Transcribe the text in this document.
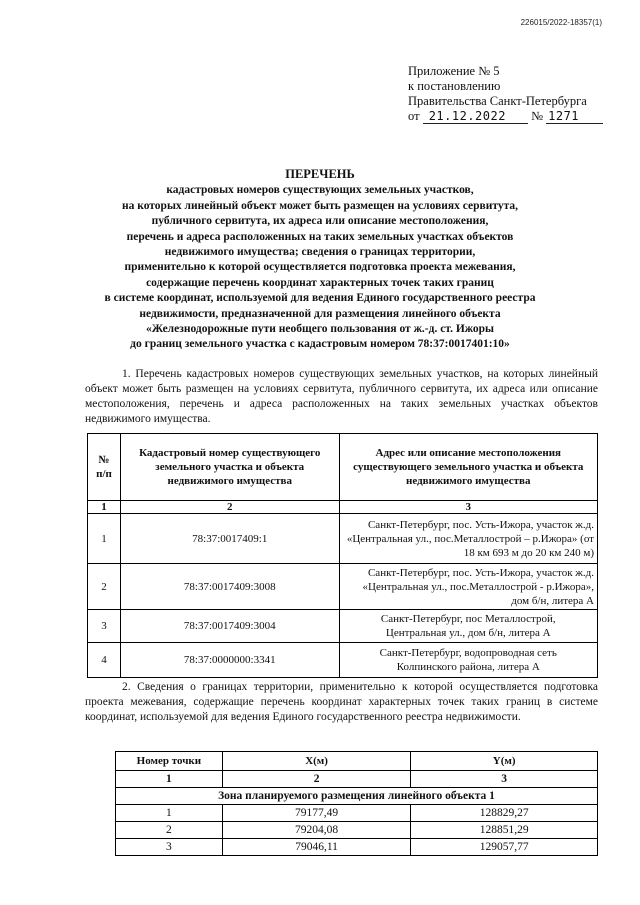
226015/2022-18357(1)
Приложение № 5
к постановлению
Правительства Санкт-Петербурга
от 21.12.2022 № 1271
ПЕРЕЧЕНЬ
кадастровых номеров существующих земельных участков,
на которых линейный объект может быть размещен на условиях сервитута,
публичного сервитута, их адреса или описание местоположения,
перечень и адреса расположенных на таких земельных участках объектов
недвижимого имущества; сведения о границах территории,
применительно к которой осуществляется подготовка проекта межевания,
содержащие перечень координат характерных точек таких границ
в системе координат, используемой для ведения Единого государственного реестра
недвижимости, предназначенной для размещения линейного объекта
«Железнодорожные пути необщего пользования от ж.-д. ст. Ижоры
до границ земельного участка с кадастровым номером 78:37:0017401:10»
1. Перечень кадастровых номеров существующих земельных участков, на которых линейный объект может быть размещен на условиях сервитута, публичного сервитута, их адреса или описание местоположения, перечень и адреса расположенных на таких земельных участках объектов недвижимого имущества.
№ п/п	Кадастровый номер существующего земельного участка и объекта недвижимого имущества	Адрес или описание местоположения существующего земельного участка и объекта недвижимого имущества
1	2	3
1	78:37:0017409:1	Санкт-Петербург, пос. Усть-Ижора, участок ж.д. «Центральная ул., пос.Металлострой – р.Ижора» (от 18 км 693 м до 20 км 240 м)
2	78:37:0017409:3008	Санкт-Петербург, пос. Усть-Ижора, участок ж.д. «Центральная ул., пос.Металлострой - р.Ижора», дом б/н, литера А
3	78:37:0017409:3004	Санкт-Петербург, пос Металлострой, Центральная ул., дом б/н, литера А
4	78:37:0000000:3341	Санкт-Петербург, водопроводная сеть Колпинского района, литера А
2. Сведения о границах территории, применительно к которой осуществляется подготовка проекта межевания, содержащие перечень координат характерных точек таких границ в системе координат, используемой для ведения Единого государственного реестра недвижимости.
Номер точки	X(м)	Y(м)
1	2	3
Зона планируемого размещения линейного объекта 1		
1	79177,49	128829,27
2	79204,08	128851,29
3	79046,11	129057,77
